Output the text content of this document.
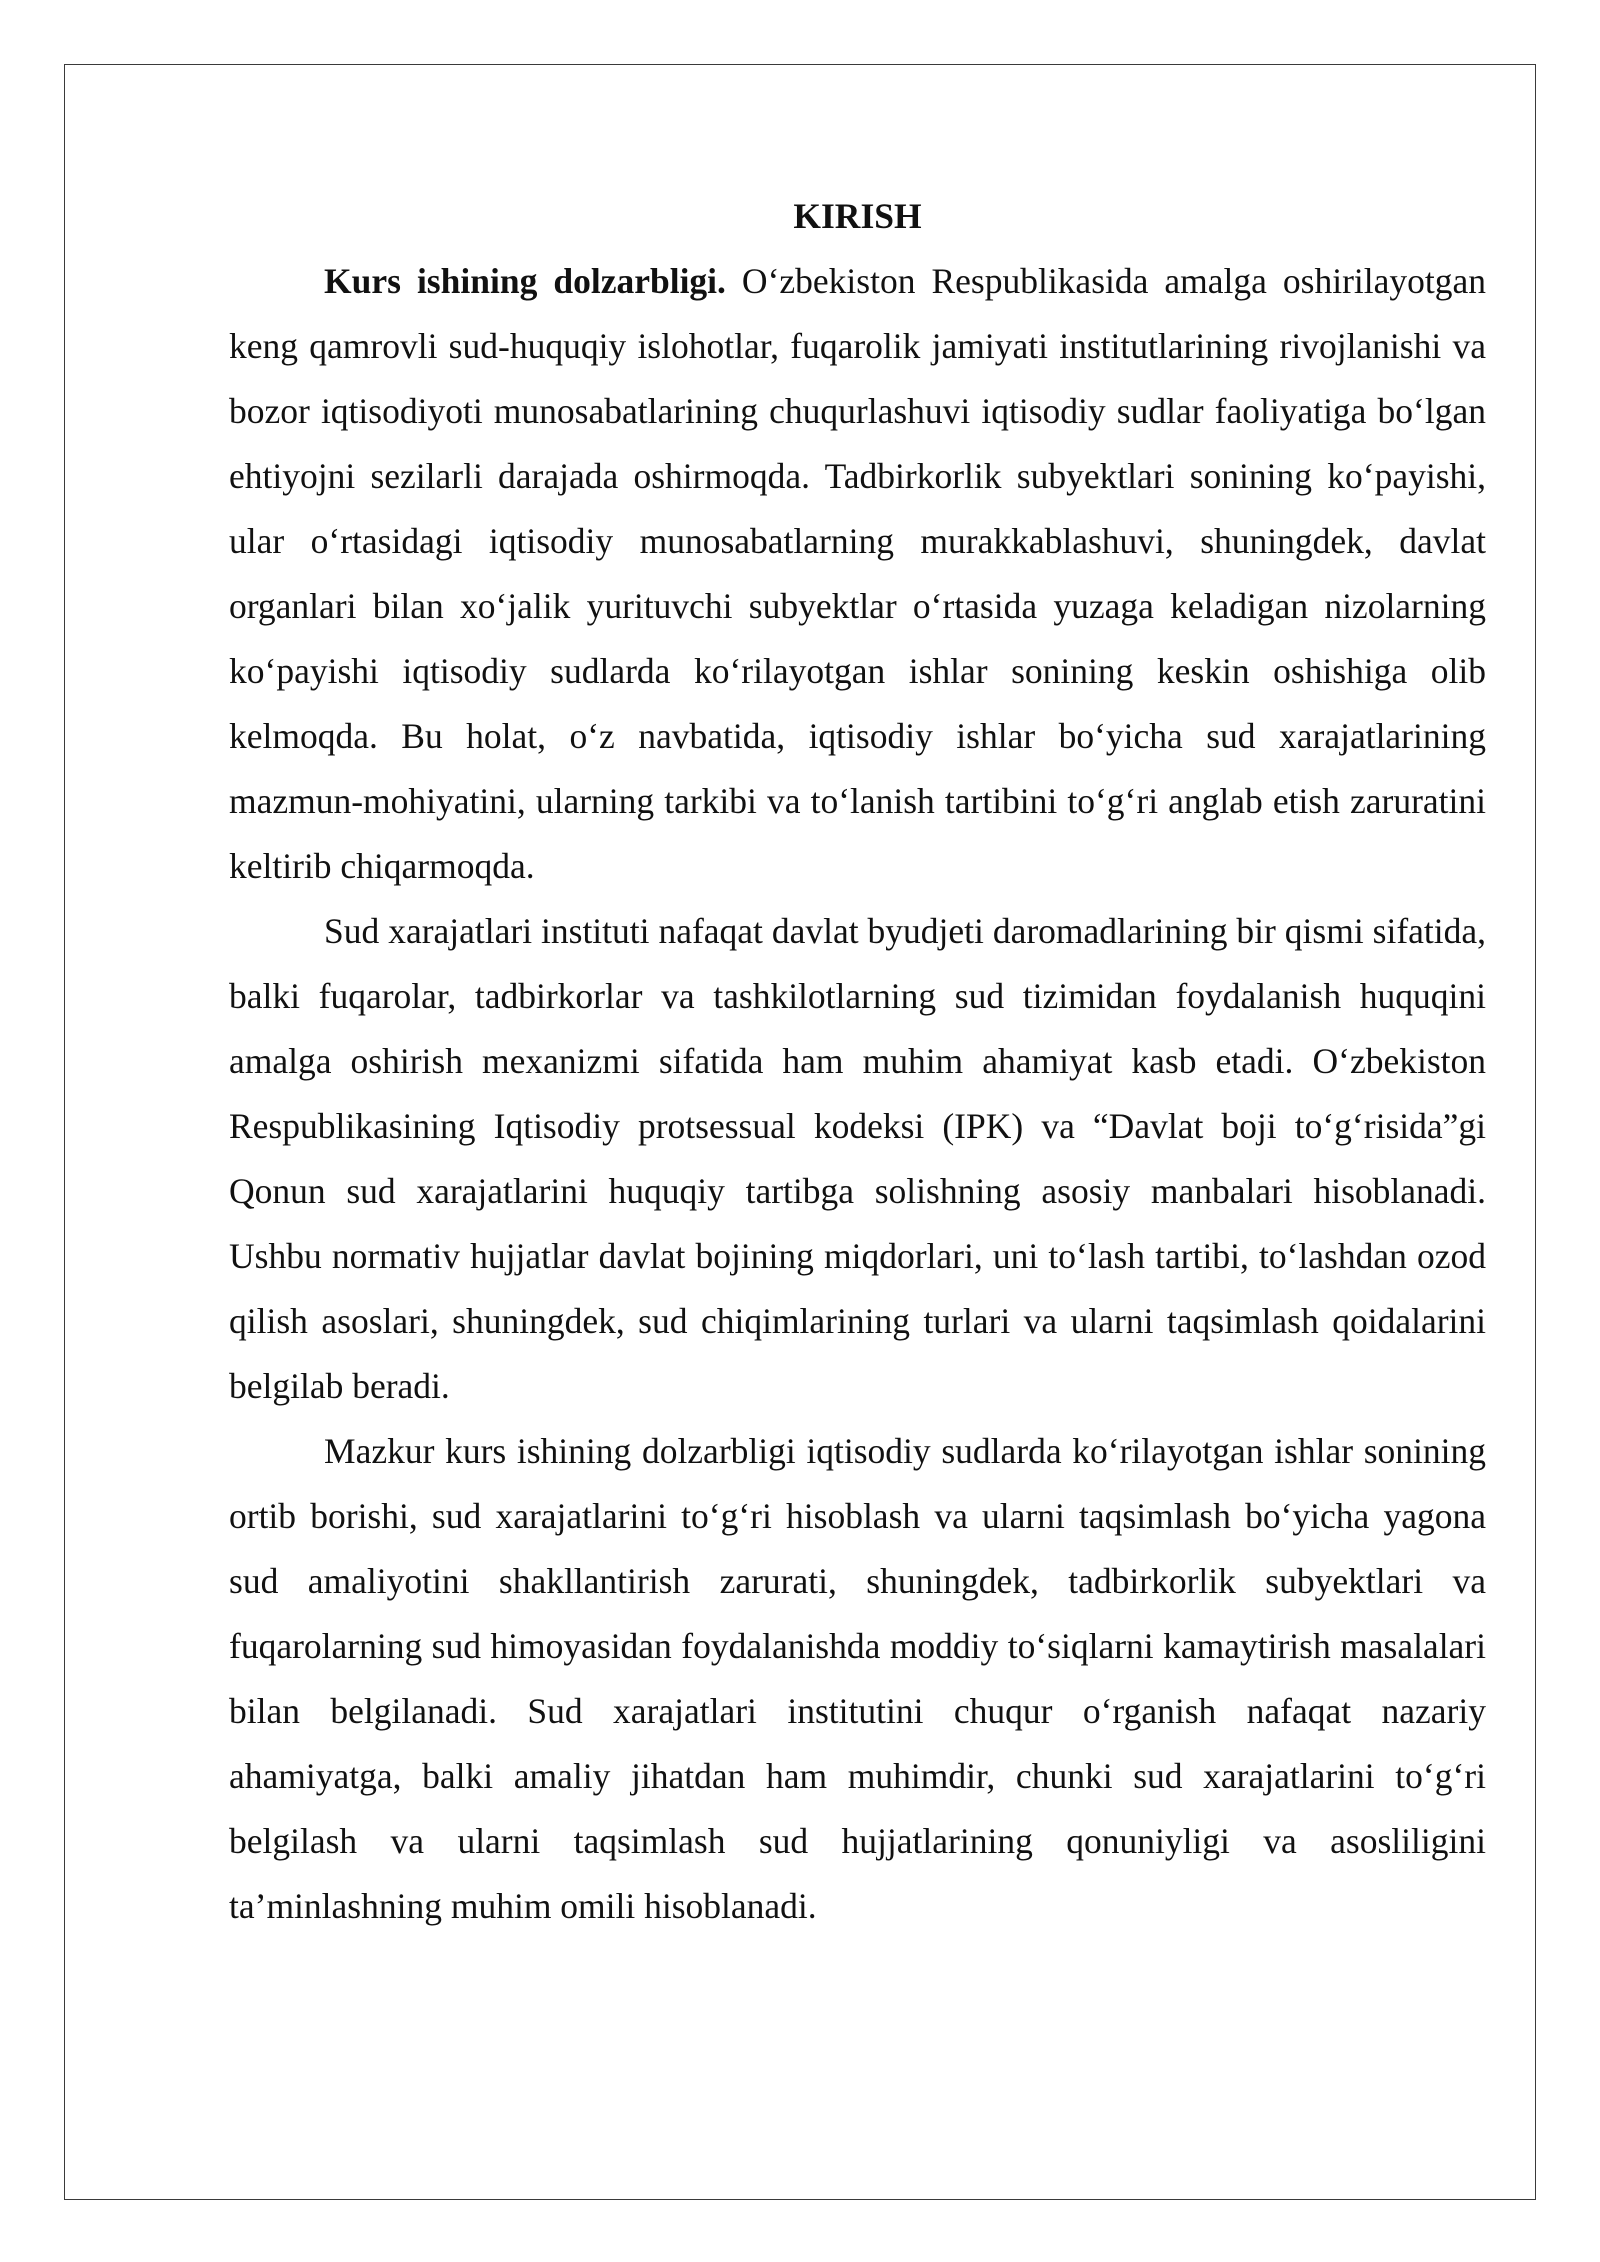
KIRISH

Kurs ishining dolzarbligi. O‘zbekiston Respublikasida amalga oshirilayotgan keng qamrovli sud-huquqiy islohotlar, fuqarolik jamiyati institutlarining rivojlanishi va bozor iqtisodiyoti munosabatlarining chuqurlashuvi iqtisodiy sudlar faoliyatiga bo‘lgan ehtiyojni sezilarli darajada oshirmoqda. Tadbirkorlik subyektlari sonining ko‘payishi, ular o‘rtasidagi iqtisodiy munosabatlarning murakkablashuvi, shuningdek, davlat organlari bilan xo‘jalik yurituvchi subyektlar o‘rtasida yuzaga keladigan nizolarning ko‘payishi iqtisodiy sudlarda ko‘rilayotgan ishlar sonining keskin oshishiga olib kelmoqda. Bu holat, o‘z navbatida, iqtisodiy ishlar bo‘yicha sud xarajatlarining mazmun-mohiyatini, ularning tarkibi va to‘lanish tartibini to‘g‘ri anglab etish zaruratini keltirib chiqarmoqda.

Sud xarajatlari instituti nafaqat davlat byudjeti daromadlarining bir qismi sifatida, balki fuqarolar, tadbirkorlar va tashkilotlarning sud tizimidan foydalanish huquqini amalga oshirish mexanizmi sifatida ham muhim ahamiyat kasb etadi. O‘zbekiston Respublikasining Iqtisodiy protsessual kodeksi (IPK) va “Davlat boji to‘g‘risida”gi Qonun sud xarajatlarini huquqiy tartibga solishning asosiy manbalari hisoblanadi. Ushbu normativ hujjatlar davlat bojining miqdorlari, uni to‘lash tartibi, to‘lashdan ozod qilish asoslari, shuningdek, sud chiqimlarining turlari va ularni taqsimlash qoidalarini belgilab beradi.

Mazkur kurs ishining dolzarbligi iqtisodiy sudlarda ko‘rilayotgan ishlar sonining ortib borishi, sud xarajatlarini to‘g‘ri hisoblash va ularni taqsimlash bo‘yicha yagona sud amaliyotini shakllantirish zarurati, shuningdek, tadbirkorlik subyektlari va fuqarolarning sud himoyasidan foydalanishda moddiy to‘siqlarni kamaytirish masalalari bilan belgilanadi. Sud xarajatlari institutini chuqur o‘rganish nafaqat nazariy ahamiyatga, balki amaliy jihatdan ham muhimdir, chunki sud xarajatlarini to‘g‘ri belgilash va ularni taqsimlash sud hujjatlarining qonuniyligi va asosliligini ta’minlashning muhim omili hisoblanadi.
